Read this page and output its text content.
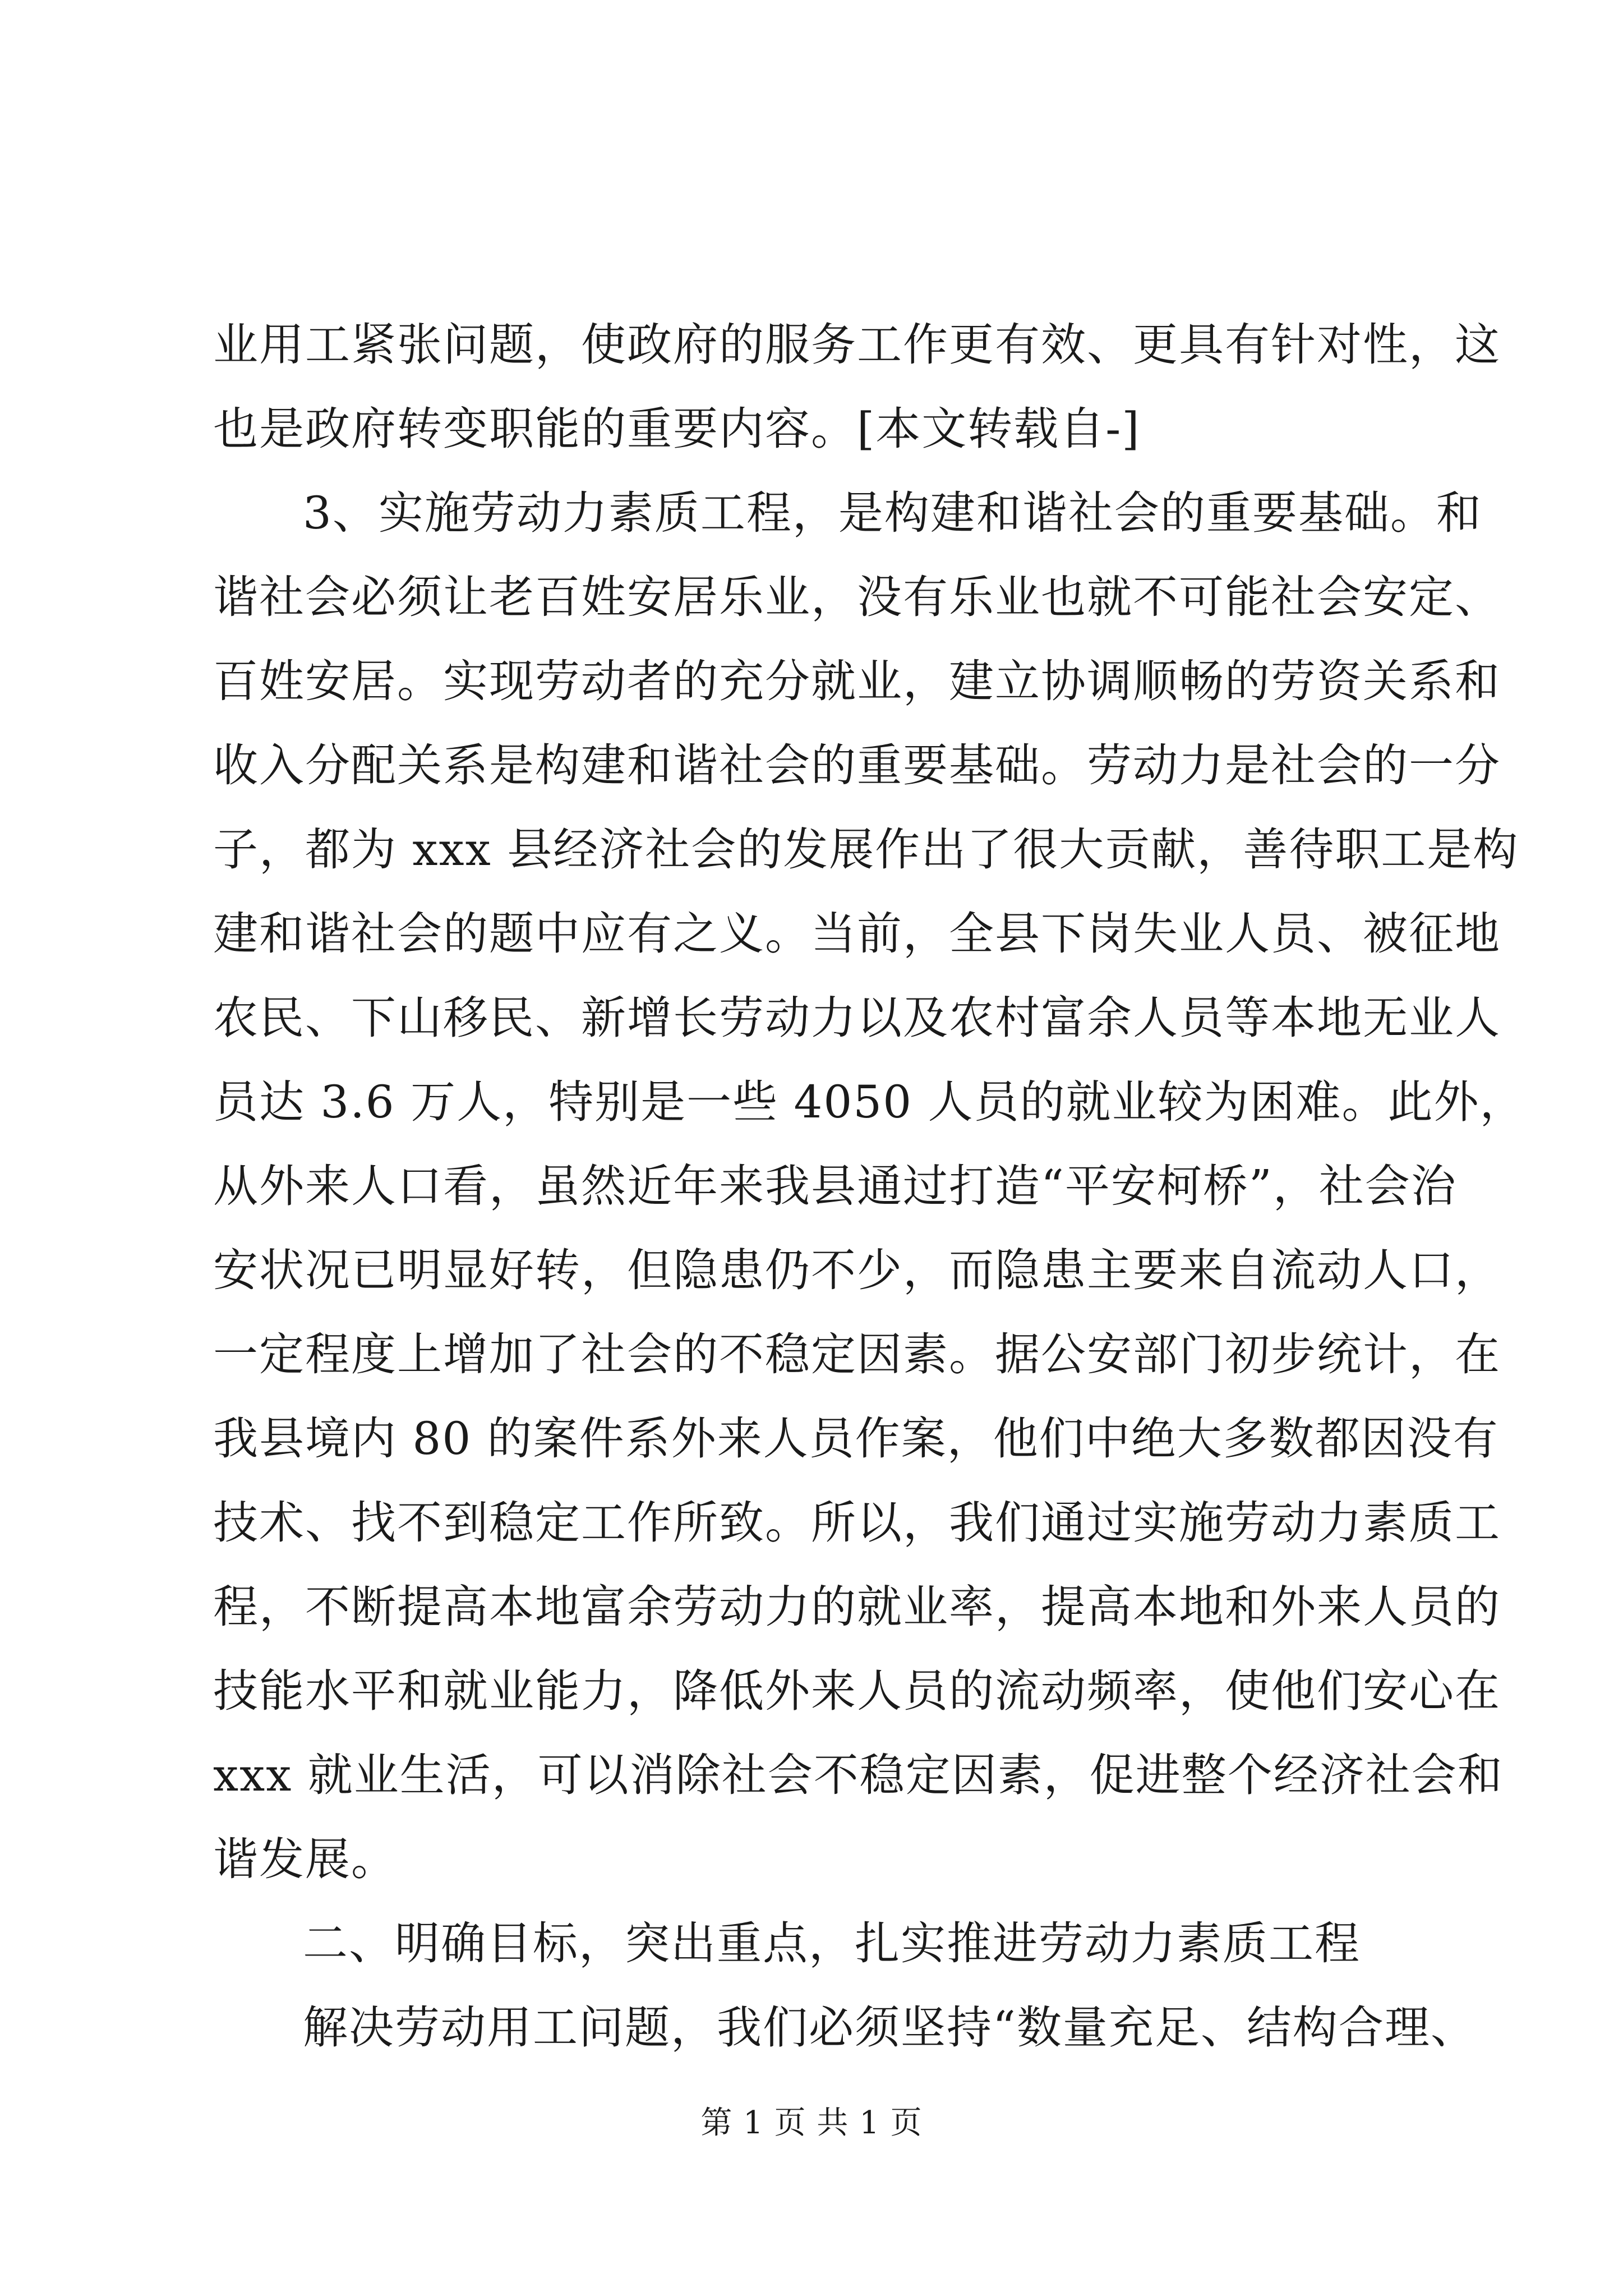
业用工紧张问题，使政府的服务工作更有效、更具有针对性，这
也是政府转变职能的重要内容。[本文转载自-]
3、实施劳动力素质工程，是构建和谐社会的重要基础。和
谐社会必须让老百姓安居乐业，没有乐业也就不可能社会安定、
百姓安居。实现劳动者的充分就业，建立协调顺畅的劳资关系和
收入分配关系是构建和谐社会的重要基础。劳动力是社会的一分
子，都为 xxx 县经济社会的发展作出了很大贡献，善待职工是构
建和谐社会的题中应有之义。当前，全县下岗失业人员、被征地
农民、下山移民、新增长劳动力以及农村富余人员等本地无业人
员达 3.6 万人，特别是一些 4050 人员的就业较为困难。此外，
从外来人口看，虽然近年来我县通过打造“平安柯桥”，社会治
安状况已明显好转，但隐患仍不少，而隐患主要来自流动人口，
一定程度上增加了社会的不稳定因素。据公安部门初步统计，在
我县境内 80 的案件系外来人员作案，他们中绝大多数都因没有
技术、找不到稳定工作所致。所以，我们通过实施劳动力素质工
程，不断提高本地富余劳动力的就业率，提高本地和外来人员的
技能水平和就业能力，降低外来人员的流动频率，使他们安心在
xxx 就业生活，可以消除社会不稳定因素，促进整个经济社会和
谐发展。
二、明确目标，突出重点，扎实推进劳动力素质工程
解决劳动用工问题，我们必须坚持“数量充足、结构合理、
第 1 页 共 1 页
